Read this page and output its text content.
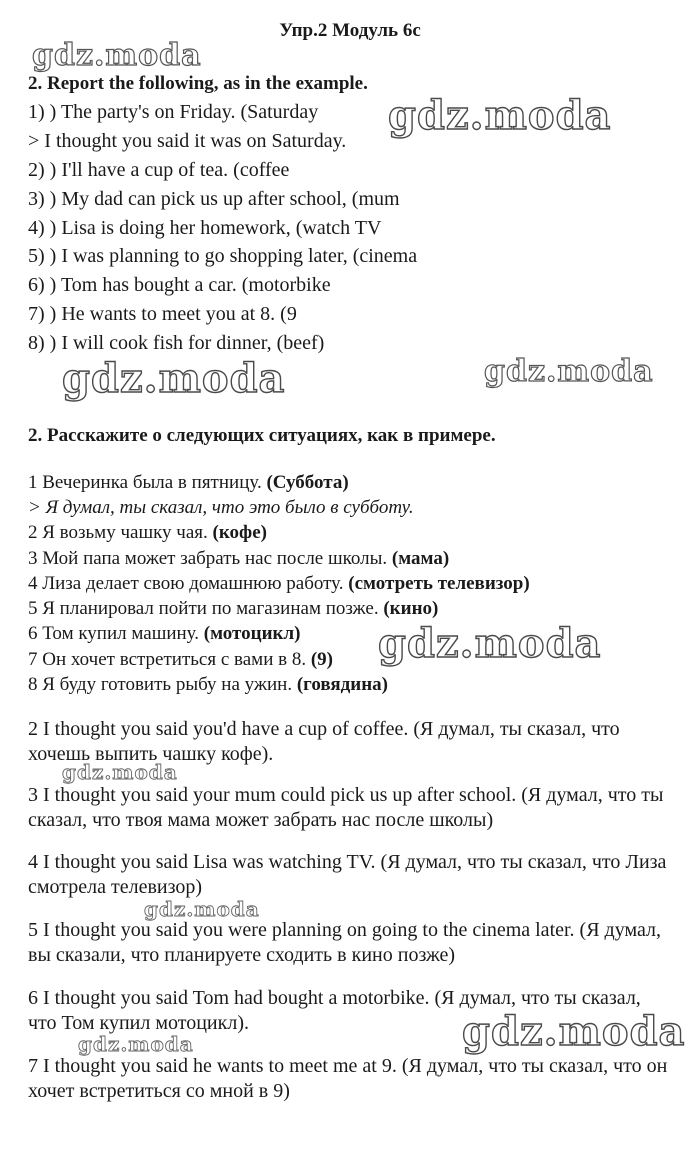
Упр.2 Модуль 6с
gdz.moda
gdz.moda
gdz.moda	gdz.moda
gdz.moda
gdz.moda
gdz.moda
gdz.moda
gdz.moda
2. Report the following, as in the example.
1) ) The party's on Friday. (Saturday
> I thought you said it was on Saturday.
2) ) I'll have a cup of tea. (coffee
3) ) My dad can pick us up after school, (mum
4) ) Lisa is doing her homework, (watch TV
5) ) I was planning to go shopping later, (cinema
6) ) Tom has bought a car. (motorbike
7) ) He wants to meet you at 8. (9
8) ) I will cook fish for dinner, (beef)
2. Расскажите о следующих ситуациях, как в примере.
1 Вечеринка была в пятницу. (Суббота)
> Я думал, ты сказал, что это было в субботу.
2 Я возьму чашку чая. (кофе)
3 Мой папа может забрать нас после школы. (мама)
4 Лиза делает свою домашнюю работу. (смотреть телевизор)
5 Я планировал пойти по магазинам позже. (кино)
6 Том купил машину. (мотоцикл)
7 Он хочет встретиться с вами в 8. (9)
8 Я буду готовить рыбу на ужин. (говядина)
2 I thought you said you'd have a cup of coffee. (Я думал, ты сказал, что хочешь выпить чашку кофе).
3 I thought you said your mum could pick us up after school. (Я думал, что ты сказал, что твоя мама может забрать нас после школы)
4 I thought you said Lisa was watching TV. (Я думал, что ты сказал, что Лиза смотрела телевизор)
5 I thought you said you were planning on going to the cinema later. (Я думал, вы сказали, что планируете сходить в кино позже)
6 I thought you said Tom had bought a motorbike. (Я думал, что ты сказал, что Том купил мотоцикл).
7 I thought you said he wants to meet me at 9. (Я думал, что ты сказал, что он хочет встретиться со мной в 9)
